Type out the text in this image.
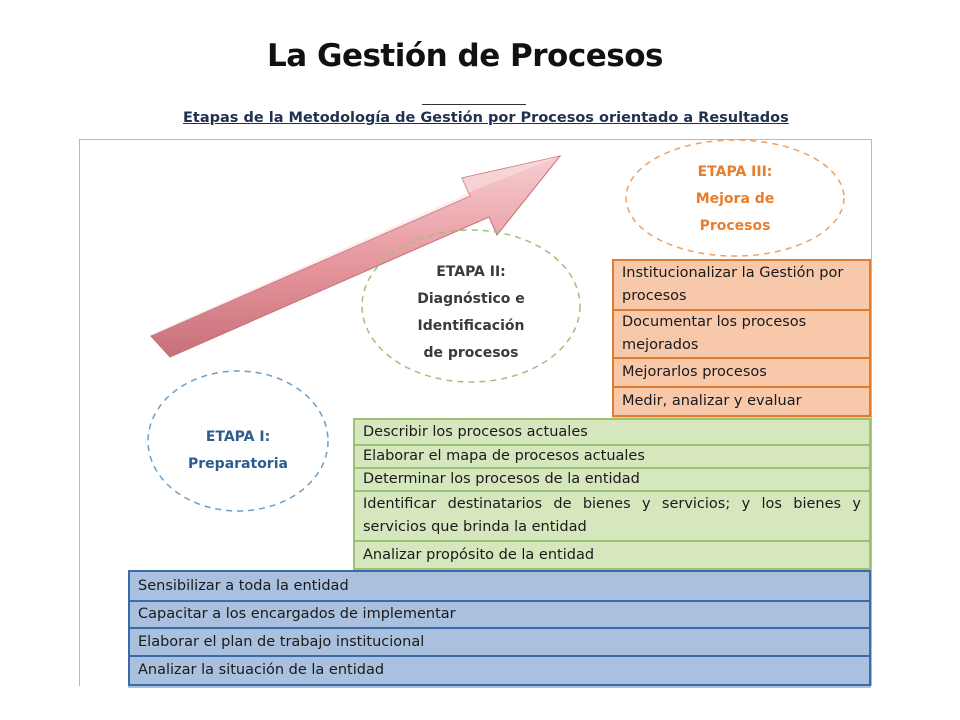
La Gestión de Procesos
Etapas de la Metodología de Gestión por Procesos orientado a Resultados
ETAPA I:
Preparatoria
ETAPA II:
Diagnóstico e
Identificación
de procesos
ETAPA III:
Mejora de
Procesos
Institucionalizar la Gestión por procesos
Documentar los procesos mejorados
Mejorarlos procesos
Medir, analizar y evaluar
Describir los procesos actuales
Elaborar el mapa de procesos actuales
Determinar los procesos de la entidad
Identificar destinatarios de bienes y servicios; y los bienes y servicios que brinda la entidad
Analizar propósito de la entidad
Sensibilizar a toda la entidad
Capacitar a los encargados de implementar
Elaborar el plan de trabajo institucional
Analizar la situación de la entidad
